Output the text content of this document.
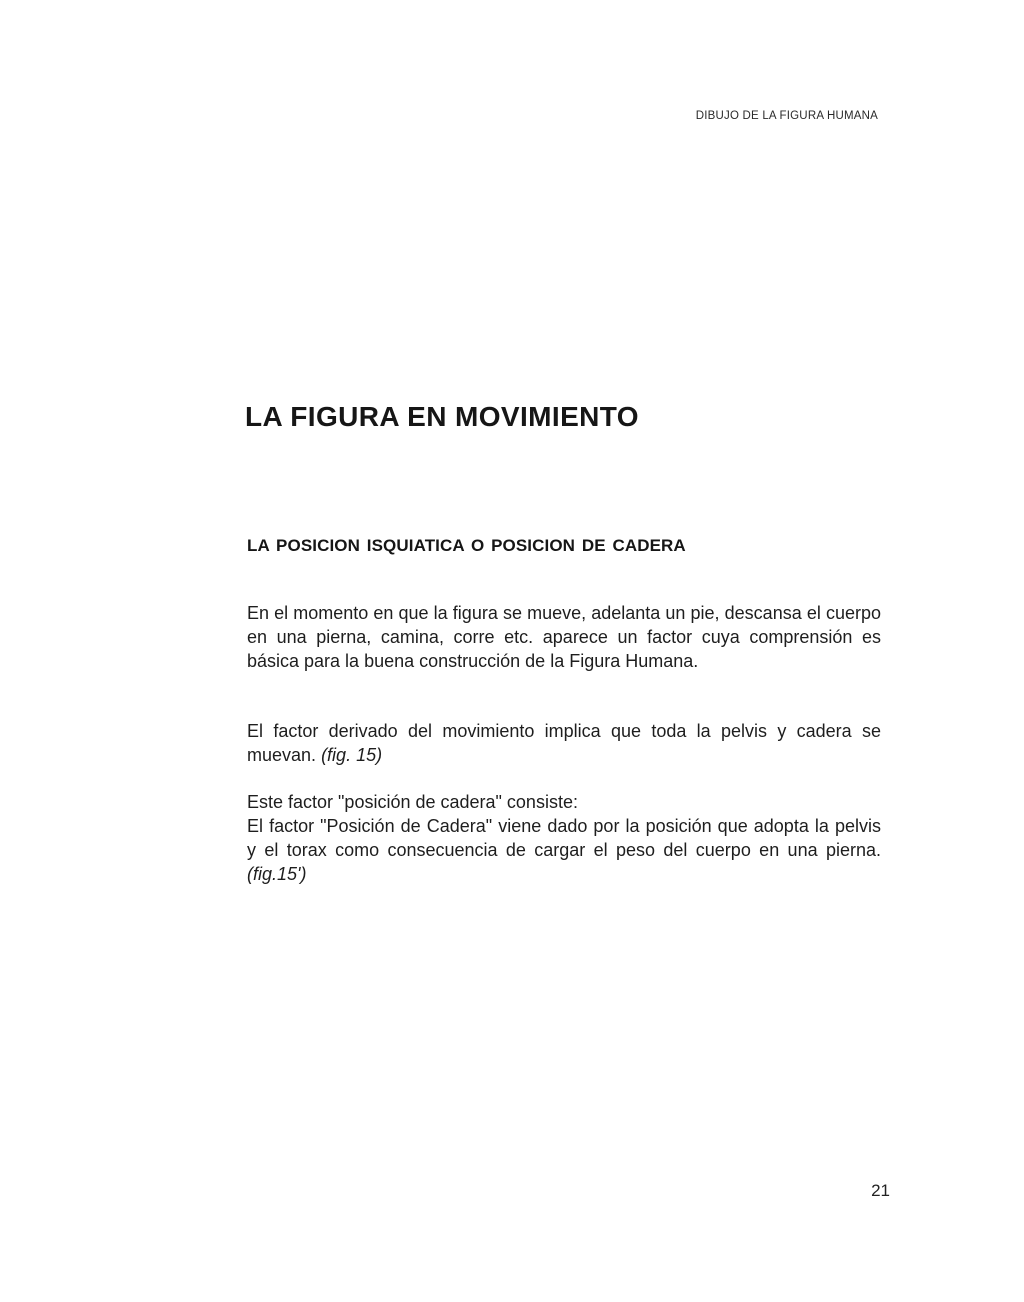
DIBUJO DE LA FIGURA HUMANA
LA FIGURA EN MOVIMIENTO
LA POSICION ISQUIATICA O POSICION DE CADERA

En el momento en que la figura se mueve, adelanta un pie, descansa el cuerpo en una pierna, camina, corre etc. aparece un factor cuya comprensión es básica para la buena construcción de la Figura Humana.

El factor derivado del movimiento implica que toda la pelvis y cadera se muevan. (fig. 15)

Este factor "posición de cadera" consiste:
El factor "Posición de Cadera" viene dado por la posición que adopta la pelvis y el torax como consecuencia de cargar el peso del cuerpo en una pierna. (fig.15')
21
